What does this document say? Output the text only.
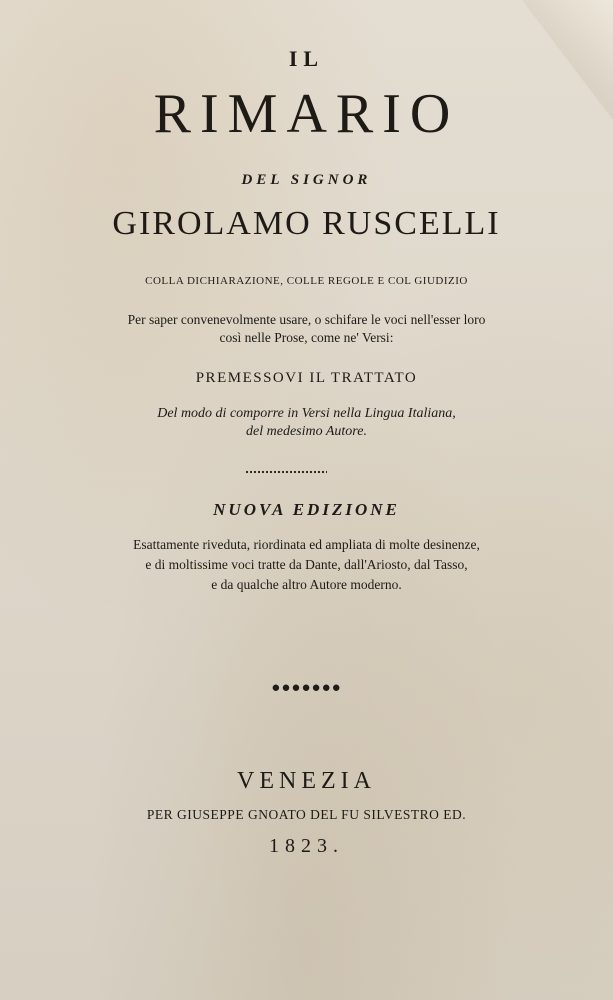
IL
RIMARIO
DEL SIGNOR
GIROLAMO RUSCELLI
COLLA DICHIARAZIONE, COLLE REGOLE E COL GIUDIZIO
Per saper convenevolmente usare, o schifare le voci nell'esser loro
così nelle Prose, come ne' Versi:
PREMESSOVI IL TRATTATO
Del modo di comporre in Versi nella Lingua Italiana,
del medesimo Autore.
NUOVA EDIZIONE
Esattamente riveduta, riordinata ed ampliata di molte desinenze,
e di moltissime voci tratte da Dante, dall'Ariosto, dal Tasso,
e da qualche altro Autore moderno.
●●●●●●●
VENEZIA
PER GIUSEPPE GNOATO DEL FU SILVESTRO ED.
1823.
